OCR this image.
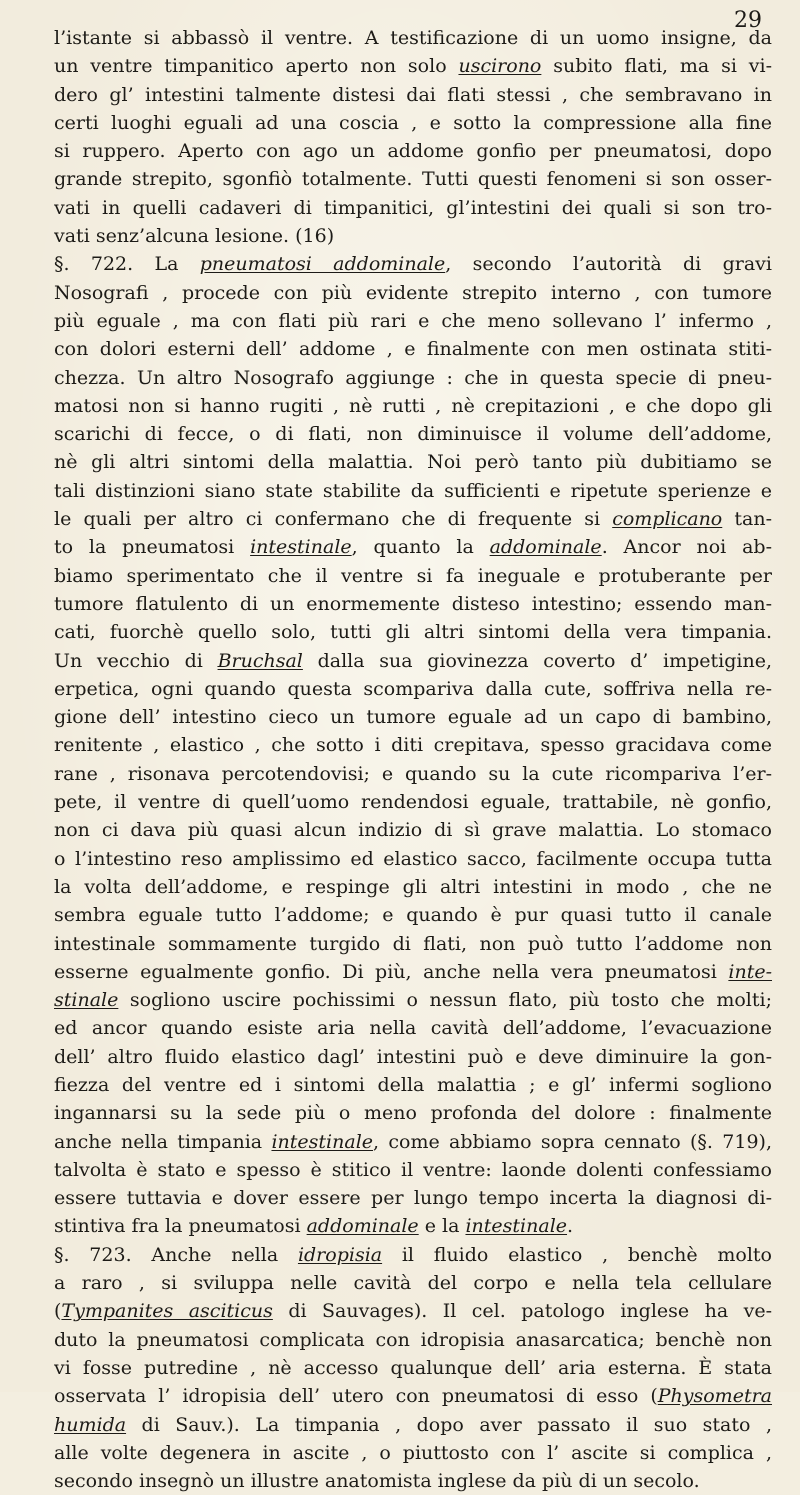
29
l’istante si abbassò il ventre. A testificazione di un uomo insigne, da
un ventre timpanitico aperto non solo uscirono subito flati, ma si vi-
dero gl’ intestini talmente distesi dai flati stessi , che sembravano in
certi luoghi eguali ad una coscia , e sotto la compressione alla fine
si ruppero. Aperto con ago un addome gonfio per pneumatosi, dopo
grande strepito, sgonfiò totalmente. Tutti questi fenomeni si son osser-
vati in quelli cadaveri di timpanitici, gl’intestini dei quali si son tro-
vati senz’alcuna lesione. (16)
§. 722. La pneumatosi addominale, secondo l’autorità di gravi
Nosografi , procede con più evidente strepito interno , con tumore
più eguale , ma con flati più rari e che meno sollevano l’ infermo ,
con dolori esterni dell’ addome , e finalmente con men ostinata stiti-
chezza. Un altro Nosografo aggiunge : che in questa specie di pneu-
matosi non si hanno rugiti , nè rutti , nè crepitazioni , e che dopo gli
scarichi di fecce, o di flati, non diminuisce il volume dell’addome,
nè gli altri sintomi della malattia. Noi però tanto più dubitiamo se
tali distinzioni siano state stabilite da sufficienti e ripetute sperienze e
le quali per altro ci confermano che di frequente si complicano tan-
to la pneumatosi intestinale, quanto la addominale. Ancor noi ab-
biamo sperimentato che il ventre si fa ineguale e protuberante per
tumore flatulento di un enormemente disteso intestino; essendo man-
cati, fuorchè quello solo, tutti gli altri sintomi della vera timpania.
Un vecchio di Bruchsal dalla sua giovinezza coverto d’ impetigine,
erpetica, ogni quando questa scompariva dalla cute, soffriva nella re-
gione dell’ intestino cieco un tumore eguale ad un capo di bambino,
renitente , elastico , che sotto i diti crepitava, spesso gracidava come
rane , risonava percotendovisi; e quando su la cute ricompariva l’er-
pete, il ventre di quell’uomo rendendosi eguale, trattabile, nè gonfio,
non ci dava più quasi alcun indizio di sì grave malattia. Lo stomaco
o l’intestino reso amplissimo ed elastico sacco, facilmente occupa tutta
la volta dell’addome, e respinge gli altri intestini in modo , che ne
sembra eguale tutto l’addome; e quando è pur quasi tutto il canale
intestinale sommamente turgido di flati, non può tutto l’addome non
esserne egualmente gonfio. Di più, anche nella vera pneumatosi inte-
stinale sogliono uscire pochissimi o nessun flato, più tosto che molti;
ed ancor quando esiste aria nella cavità dell’addome, l’evacuazione
dell’ altro fluido elastico dagl’ intestini può e deve diminuire la gon-
fiezza del ventre ed i sintomi della malattia ; e gl’ infermi sogliono
ingannarsi su la sede più o meno profonda del dolore : finalmente
anche nella timpania intestinale, come abbiamo sopra cennato (§. 719),
talvolta è stato e spesso è stitico il ventre: laonde dolenti confessiamo
essere tuttavia e dover essere per lungo tempo incerta la diagnosi di-
stintiva fra la pneumatosi addominale e la intestinale.
§. 723. Anche nella idropisia il fluido elastico , benchè molto
a raro , si sviluppa nelle cavità del corpo e nella tela cellulare
(Tympanites asciticus di Sauvages). Il cel. patologo inglese ha ve-
duto la pneumatosi complicata con idropisia anasarcatica; benchè non
vi fosse putredine , nè accesso qualunque dell’ aria esterna. È stata
osservata l’ idropisia dell’ utero con pneumatosi di esso (Physometra
humida di Sauv.). La timpania , dopo aver passato il suo stato ,
alle volte degenera in ascite , o piuttosto con l’ ascite si complica ,
secondo insegnò un illustre anatomista inglese da più di un secolo.
